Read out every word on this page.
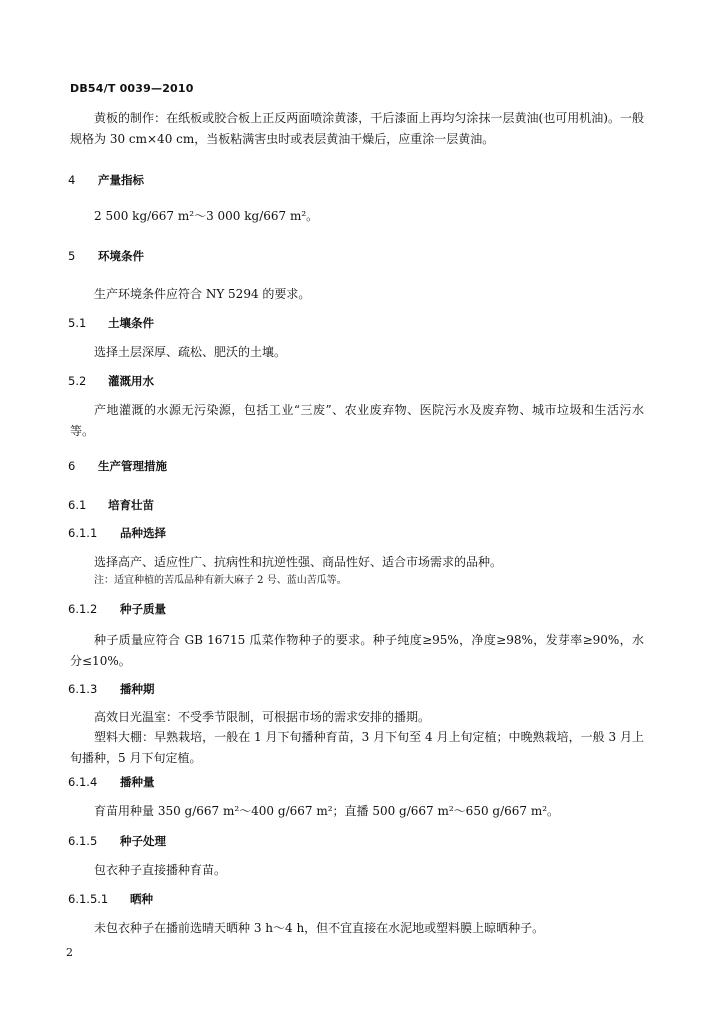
DB54/T 0039—2010
黄板的制作：在纸板或胶合板上正反两面喷涂黄漆，干后漆面上再均匀涂抹一层黄油(也可用机油)。一般规格为 30 cm×40 cm，当板粘满害虫时或表层黄油干燥后，应重涂一层黄油。
4 产量指标
2 500 kg/667 m²～3 000 kg/667 m²。
5 环境条件
生产环境条件应符合 NY 5294 的要求。
5.1 土壤条件
选择土层深厚、疏松、肥沃的土壤。
5.2 灌溉用水
产地灌溉的水源无污染源，包括工业“三废”、农业废弃物、医院污水及废弃物、城市垃圾和生活污水等。
6 生产管理措施
6.1 培育壮苗
6.1.1 品种选择
选择高产、适应性广、抗病性和抗逆性强、商品性好、适合市场需求的品种。
注：适宜种植的苦瓜品种有新大麻子 2 号、蓝山苦瓜等。
6.1.2 种子质量
种子质量应符合 GB 16715 瓜菜作物种子的要求。种子纯度≥95%，净度≥98%，发芽率≥90%，水分≤10%。
6.1.3 播种期
高效日光温室：不受季节限制，可根据市场的需求安排的播期。
塑料大棚：早熟栽培，一般在 1 月下旬播种育苗，3 月下旬至 4 月上旬定植；中晚熟栽培，一般 3 月上旬播种，5 月下旬定植。
6.1.4 播种量
育苗用种量 350 g/667 m²～400 g/667 m²；直播 500 g/667 m²～650 g/667 m²。
6.1.5 种子处理
包衣种子直接播种育苗。
6.1.5.1 晒种
未包衣种子在播前选晴天晒种 3 h～4 h，但不宜直接在水泥地或塑料膜上晾晒种子。
2
